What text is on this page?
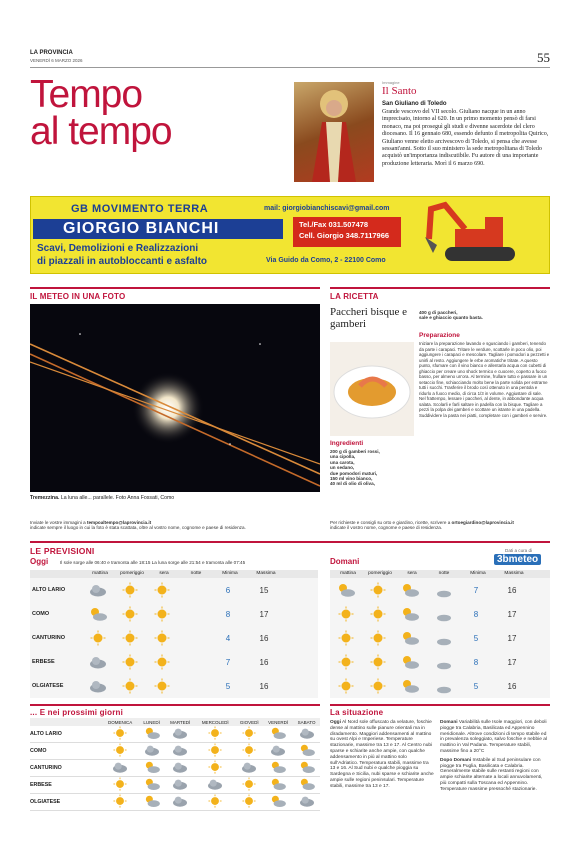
LA PROVINCIA
VENERDÌ 6 MARZO 2026	55
Tempo
al tempo
Immagine
Il Santo
San Giuliano di Toledo
Grande vescovo del VII secolo. Giuliano nacque in un anno imprecisato, intorno al 620. In un primo momento pensò di farsi monaco, ma poi proseguì gli studi e divenne sacerdote del clero diocesano. Il 16 gennaio 680, essendo defunto il metropolita Quirico, Giuliano venne eletto arcivescovo di Toledo, si pensa che avesse sessant'anni. Sotto il suo ministero la sede metropolitana di Toledo acquistò un'importanza indiscutibile. Fu autore di una importante produzione letteraria. Morì il 6 marzo 690.
GB MOVIMENTO TERRA
GIORGIO BIANCHI
Scavi, Demolizioni e Realizzazioni
di piazzali in autobloccanti e asfalto
mail: giorgiobianchiscavi@gmail.com
Tel./Fax 031.507478
Cell. Giorgio 348.7117966
Via Guido da Como, 2 - 22100 Como
IL METEO IN UNA FOTO
Tremezzina. La luna alle... parallele. Foto Anna Fossati, Como
Inviate le vostre immagini a tempoaltempo@laprovincia.it
indicate sempre il luogo in cui la foto è stata scattata, oltre al vostro nome, cognome e paese di residenza.
LA RICETTA
Paccheri bisque e gamberi
Ingredienti
200 g di gamberi rossi,
una cipolla,
una carota,
un sedano,
due pomodori maturi,
150 ml vino bianco,
40 ml di olio di oliva,
400 g di paccheri,
sale e ghiaccio quanto basta.
Preparazione
Iniziare la preparazione lavando e sgusciando i gamberi, tenendo da parte i carapaci. Tritare le verdure, scottarle in poco olio, poi aggiungere i carapaci e mescolare. Tagliare i pomodori a pezzetti e unirli al resto. Aggiungere le erbe aromatiche tritate. A questo punto, sfumare con il vino bianco e allentarla acqua con cubetti di ghiaccio per creare uno shock termico e cuocere, coperto a fuoco basso, per almeno un'ora. Al termine, frullare tutto e passare in un setaccio fine, schiacciando molto bene la parte solida per estrarne tutti i succhi. Trasferire il brodo così ottenuto in una pentola e ridurlo a fuoco medio, di circa 1/3 in volume. Aggiustare di sale.
Nel frattempo, lessare i paccheri, al dente, in abbondante acqua salata. Scolarli e farli saltare in padella con la bisque. Tagliare a pezzi la polpa dei gamberi e scottare un istante in una padella. Suddividere la pasta nei piatti, completare con i gamberi e servire.
Per richieste e consigli su orto e giardino, ricette, scrivere a ortoegiardino@laprovincia.it
indicate il vostro nome, cognome e paese di residenza.
LE PREVISIONI
Oggi	Il sole sorge alle 06:40 e tramonta alle 18:15 La luna sorge alle 21:54 e tramonta alle 07:45	Domani
Dati a cura di
3bmeteo
mattina	pomeriggio	sera	notte	Minima	Massima
ALTO LARIO	6	15
COMO	8	17
CANTURINO	4	16
ERBESE	7	16
OLGIATESE	5	16
mattina	pomeriggio	sera	notte	Minima	Massima
7	16
8	17
5	17
8	17
5	16
... E nei prossimi giorni
	DOMENICA	LUNEDÌ	MARTEDÌ	MERCOLEDÌ	GIOVEDÌ	VENERDÌ	SABATO
ALTO LARIO							
COMO							
CANTURINO							
ERBESE							
OLGIATESE							
La situazione
Oggi Al Nord sole offuscato da velature, foschie dense al mattino sulle pianure orientali ma in diradamento. Maggiori addensamenti al mattino su ovest Alpi e Imperiese. Temperature stazionarie, massime tra 13 e 17. Al Centro nubi sparse e schiarite anche ampie, con qualche addensamento in più al mattino solo sull'Adriatico. Temperatura stabili, massime tra 13 e 16. Al Sud nubi e qualche pioggia su Sardegna e Sicilia, nubi sparse e schiarite anche ampie sulle regioni peninsulari. Temperature stabili, massime tra 13 e 17.
Domani Variabilità sulle Isole maggiori, con deboli piogge tra Calabria, Basilicata ed Appennino meridionale. Altrove condizioni di tempo stabile ed in prevalenza soleggiato, salvo foschie e nebbie al mattino in Val Padana. Temperature stabili, massime fino a 20°C
Dopo Domani Instabile al Sud peninsulare con piogge tra Puglia, Basilicata e Calabria. Generalmente stabile sulle restanti regioni con ampie schiarite alternate a locali annuvolamenti, più compatti sulla Toscana ed Appennino. Temperature massime pressoché stazionarie.
